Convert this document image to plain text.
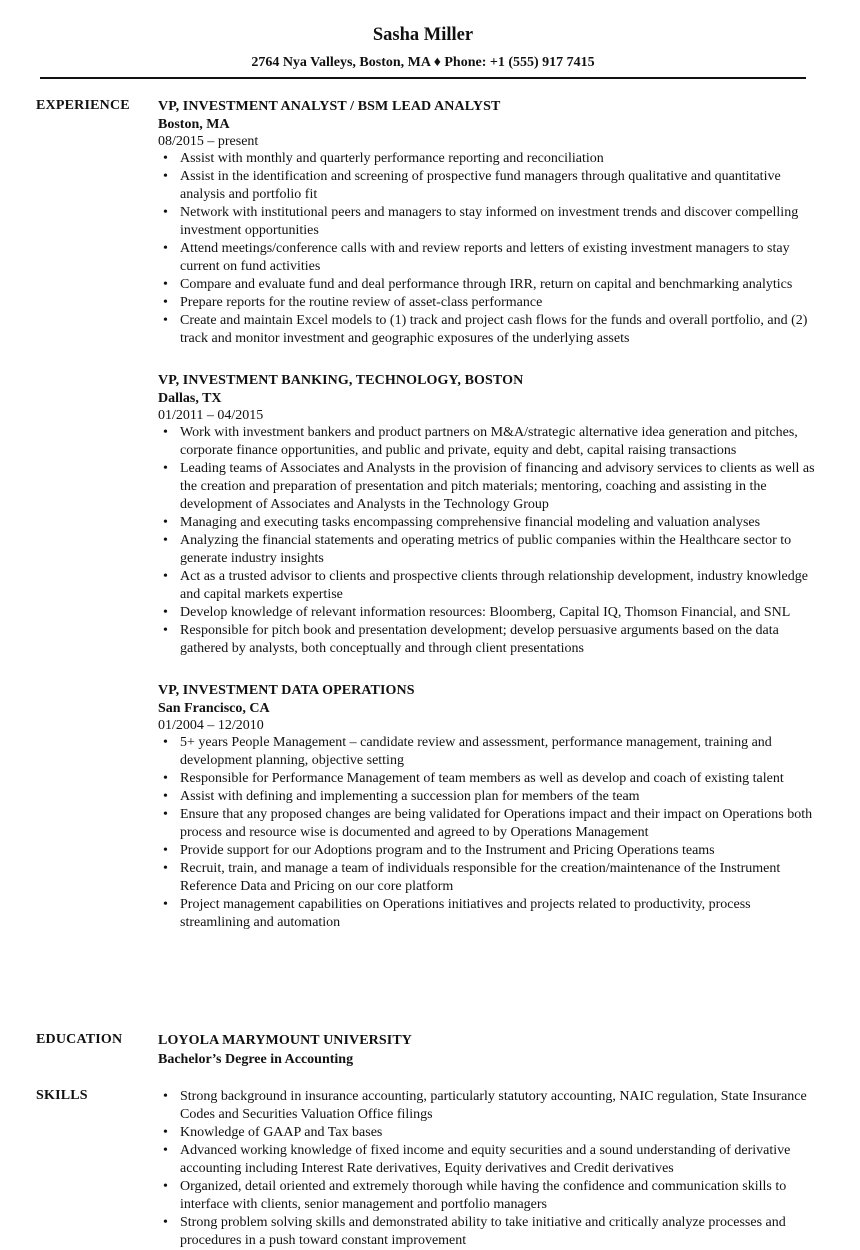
Sasha Miller
2764 Nya Valleys, Boston, MA ♦ Phone: +1 (555) 917 7415
EXPERIENCE VP, INVESTMENT ANALYST / BSM LEAD ANALYST
Boston, MA
08/2015 – present
• Assist with monthly and quarterly performance reporting and reconciliation
• Assist in the identification and screening of prospective fund managers through qualitative and quantitative analysis and portfolio fit
• Network with institutional peers and managers to stay informed on investment trends and discover compelling investment opportunities
• Attend meetings/conference calls with and review reports and letters of existing investment managers to stay current on fund activities
• Compare and evaluate fund and deal performance through IRR, return on capital and benchmarking analytics
• Prepare reports for the routine review of asset-class performance
• Create and maintain Excel models to (1) track and project cash flows for the funds and overall portfolio, and (2) track and monitor investment and geographic exposures of the underlying assets
VP, INVESTMENT BANKING, TECHNOLOGY, BOSTON
Dallas, TX
01/2011 – 04/2015
• Work with investment bankers and product partners on M&A/strategic alternative idea generation and pitches, corporate finance opportunities, and public and private, equity and debt, capital raising transactions
• Leading teams of Associates and Analysts in the provision of financing and advisory services to clients as well as the creation and preparation of presentation and pitch materials; mentoring, coaching and assisting in the development of Associates and Analysts in the Technology Group
• Managing and executing tasks encompassing comprehensive financial modeling and valuation analyses
• Analyzing the financial statements and operating metrics of public companies within the Healthcare sector to generate industry insights
• Act as a trusted advisor to clients and prospective clients through relationship development, industry knowledge and capital markets expertise
• Develop knowledge of relevant information resources: Bloomberg, Capital IQ, Thomson Financial, and SNL
• Responsible for pitch book and presentation development; develop persuasive arguments based on the data gathered by analysts, both conceptually and through client presentations
VP, INVESTMENT DATA OPERATIONS
San Francisco, CA
01/2004 – 12/2010
• 5+ years People Management – candidate review and assessment, performance management, training and development planning, objective setting
• Responsible for Performance Management of team members as well as develop and coach of existing talent
• Assist with defining and implementing a succession plan for members of the team
• Ensure that any proposed changes are being validated for Operations impact and their impact on Operations both process and resource wise is documented and agreed to by Operations Management
• Provide support for our Adoptions program and to the Instrument and Pricing Operations teams
• Recruit, train, and manage a team of individuals responsible for the creation/maintenance of the Instrument Reference Data and Pricing on our core platform
• Project management capabilities on Operations initiatives and projects related to productivity, process streamlining and automation
EDUCATION	LOYOLA MARYMOUNT UNIVERSITY
Bachelor’s Degree in Accounting
SKILLS
•	Strong background in insurance accounting, particularly statutory accounting, NAIC regulation, State Insurance Codes and Securities Valuation Office filings
• Knowledge of GAAP and Tax bases
• Advanced working knowledge of fixed income and equity securities and a sound understanding of derivative accounting including Interest Rate derivatives, Equity derivatives and Credit derivatives
• Organized, detail oriented and extremely thorough while having the confidence and communication skills to interface with clients, senior management and portfolio managers
• Strong problem solving skills and demonstrated ability to take initiative and critically analyze processes and procedures in a push toward constant improvement
